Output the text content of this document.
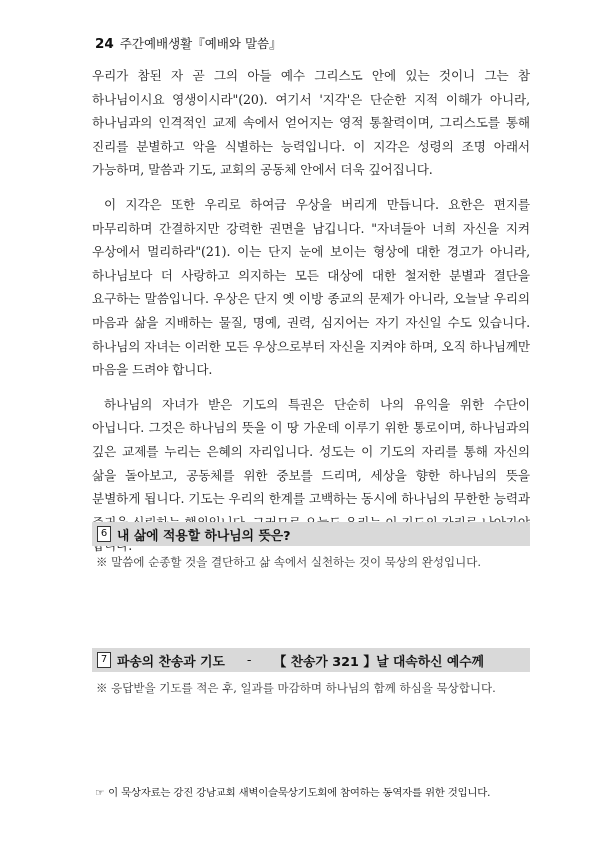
24 주간예배생활『예배와 말씀』

우리가 참된 자 곧 그의 아들 예수 그리스도 안에 있는 것이니 그는 참 하나님이시요 영생이시라"(20). 여기서 '지각'은 단순한 지적 이해가 아니라, 하나님과의 인격적인 교제 속에서 얻어지는 영적 통찰력이며, 그리스도를 통해 진리를 분별하고 악을 식별하는 능력입니다. 이 지각은 성령의 조명 아래서 가능하며, 말씀과 기도, 교회의 공동체 안에서 더욱 깊어집니다.

이 지각은 또한 우리로 하여금 우상을 버리게 만듭니다. 요한은 편지를 마무리하며 간결하지만 강력한 권면을 남깁니다. "자녀들아 너희 자신을 지켜 우상에서 멀리하라"(21). 이는 단지 눈에 보이는 형상에 대한 경고가 아니라, 하나님보다 더 사랑하고 의지하는 모든 대상에 대한 철저한 분별과 결단을 요구하는 말씀입니다. 우상은 단지 옛 이방 종교의 문제가 아니라, 오늘날 우리의 마음과 삶을 지배하는 물질, 명예, 권력, 심지어는 자기 자신일 수도 있습니다. 하나님의 자녀는 이러한 모든 우상으로부터 자신을 지켜야 하며, 오직 하나님께만 마음을 드려야 합니다.

하나님의 자녀가 받은 기도의 특권은 단순히 나의 유익을 위한 수단이 아닙니다. 그것은 하나님의 뜻을 이 땅 가운데 이루기 위한 통로이며, 하나님과의 깊은 교제를 누리는 은혜의 자리입니다. 성도는 이 기도의 자리를 통해 자신의 삶을 돌아보고, 공동체를 위한 중보를 드리며, 세상을 향한 하나님의 뜻을 분별하게 됩니다. 기도는 우리의 한계를 고백하는 동시에 하나님의 무한한 능력과

6 내 삶에 적용할 하나님의 뜻은?
※ 말씀에 순종할 것을 결단하고 삶 속에서 실천하는 것이 묵상의 완성입니다.
7 파송의 찬송과 기도 - 【 찬송가 321 】날 대속하신 예수께
※ 응답받을 기도를 적은 후, 일과를 마감하며 하나님의 함께 하심을 묵상합니다.
☞ 이 묵상자료는 강진 강남교회 새벽이슬묵상기도회에 참여하는 동역자를 위한 것입니다.
